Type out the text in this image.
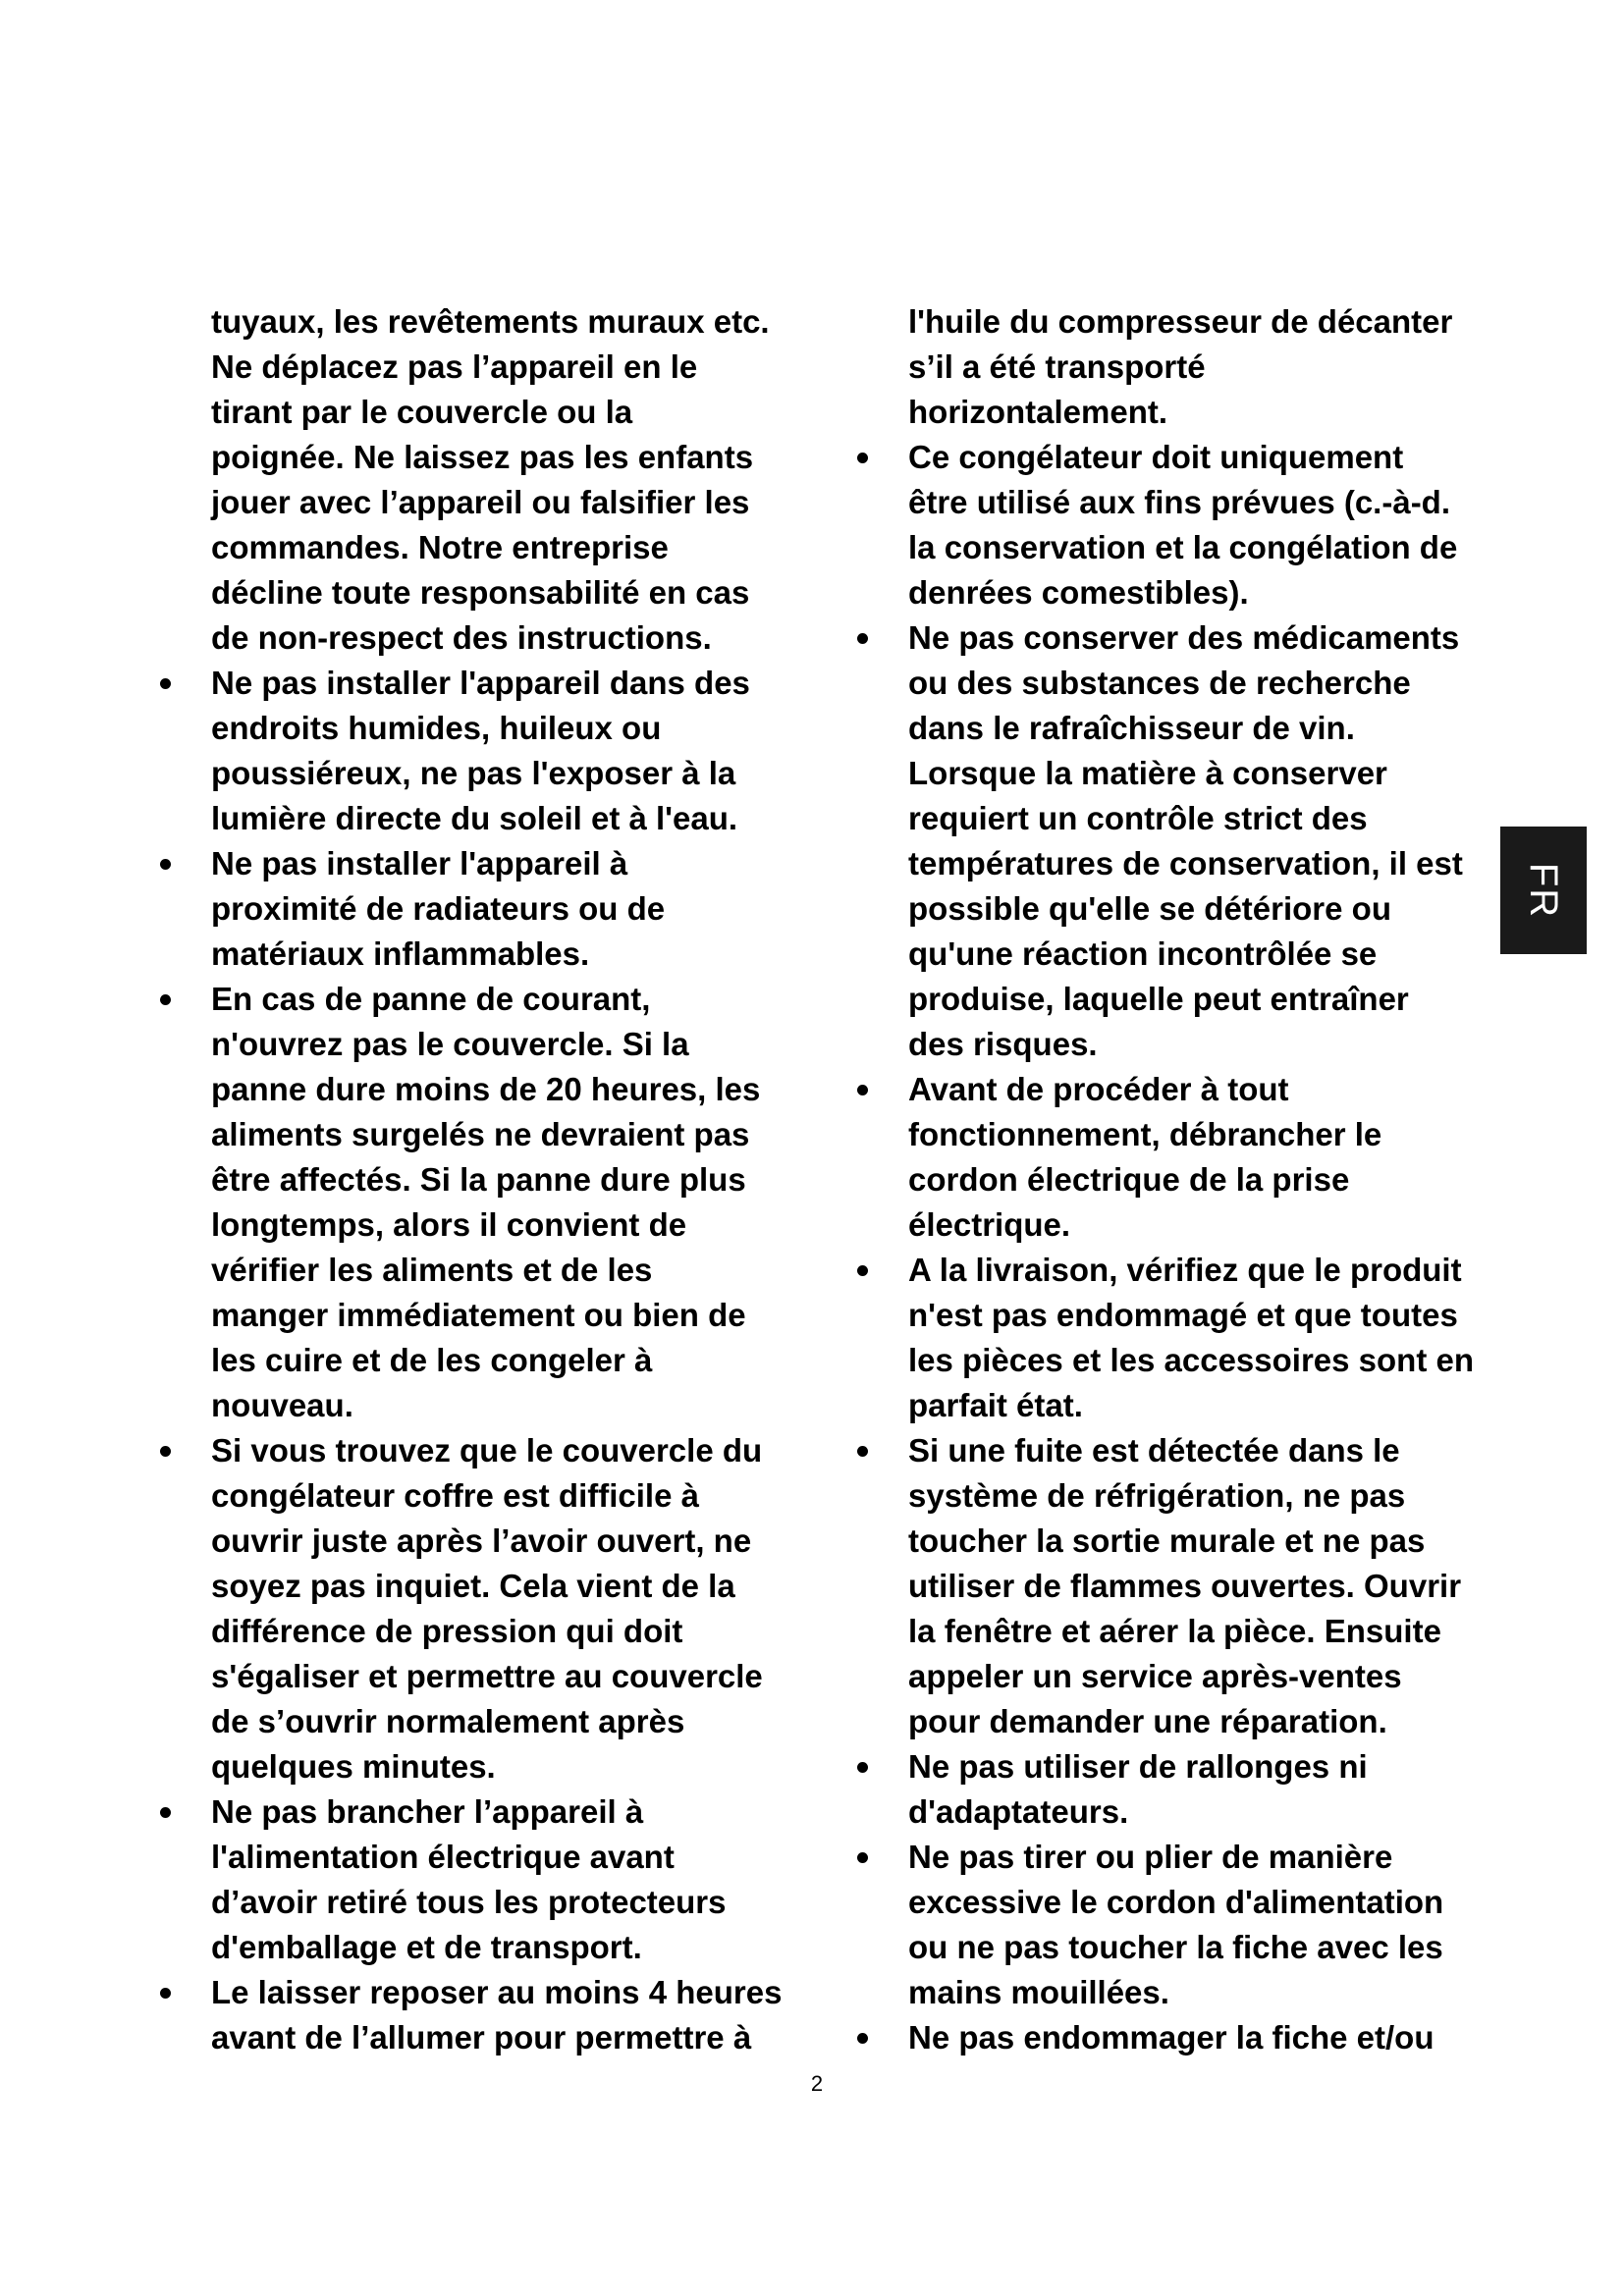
tuyaux, les revêtements muraux etc.
Ne déplacez pas l’appareil en le
tirant par le couvercle ou la
poignée. Ne laissez pas les enfants
jouer avec l’appareil ou falsifier les
commandes. Notre entreprise
décline toute responsabilité en cas
de non-respect des instructions.
Ne pas installer l'appareil dans des
endroits humides, huileux ou
poussiéreux, ne pas l'exposer à la
lumière directe du soleil et à l'eau.
Ne pas installer l'appareil à
proximité de radiateurs ou de
matériaux inflammables.
En cas de panne de courant,
n'ouvrez pas le couvercle. Si la
panne dure moins de 20 heures, les
aliments surgelés ne devraient pas
être affectés. Si la panne dure plus
longtemps, alors il convient de
vérifier les aliments et de les
manger immédiatement ou bien de
les cuire et de les congeler à
nouveau.
Si vous trouvez que le couvercle du
congélateur coffre est difficile à
ouvrir juste après l’avoir ouvert, ne
soyez pas inquiet. Cela vient de la
différence de pression qui doit
s'égaliser et permettre au couvercle
de s’ouvrir normalement après
quelques minutes.
Ne pas brancher l’appareil à
l'alimentation électrique avant
d’avoir retiré tous les protecteurs
d'emballage et de transport.
Le laisser reposer au moins 4 heures
avant de l’allumer pour permettre à
l'huile du compresseur de décanter
s’il a été transporté
horizontalement.
Ce congélateur doit uniquement
être utilisé aux fins prévues (c.-à-d.
la conservation et la congélation de
denrées comestibles).
Ne pas conserver des médicaments
ou des substances de recherche
dans le rafraîchisseur de vin.
Lorsque la matière à conserver
requiert un contrôle strict des
températures de conservation, il est
possible qu'elle se détériore ou
qu'une réaction incontrôlée se
produise, laquelle peut entraîner
des risques.
Avant de procéder à tout
fonctionnement, débrancher le
cordon électrique de la prise
électrique.
A la livraison, vérifiez que le produit
n'est pas endommagé et que toutes
les pièces et les accessoires sont en
parfait état.
Si une fuite est détectée dans le
système de réfrigération, ne pas
toucher la sortie murale et ne pas
utiliser de flammes ouvertes. Ouvrir
la fenêtre et aérer la pièce. Ensuite
appeler un service après-ventes
pour demander une réparation.
Ne pas utiliser de rallonges ni
d'adaptateurs.
Ne pas tirer ou plier de manière
excessive le cordon d'alimentation
ou ne pas toucher la fiche avec les
mains mouillées.
Ne pas endommager la fiche et/ou
FR
2
